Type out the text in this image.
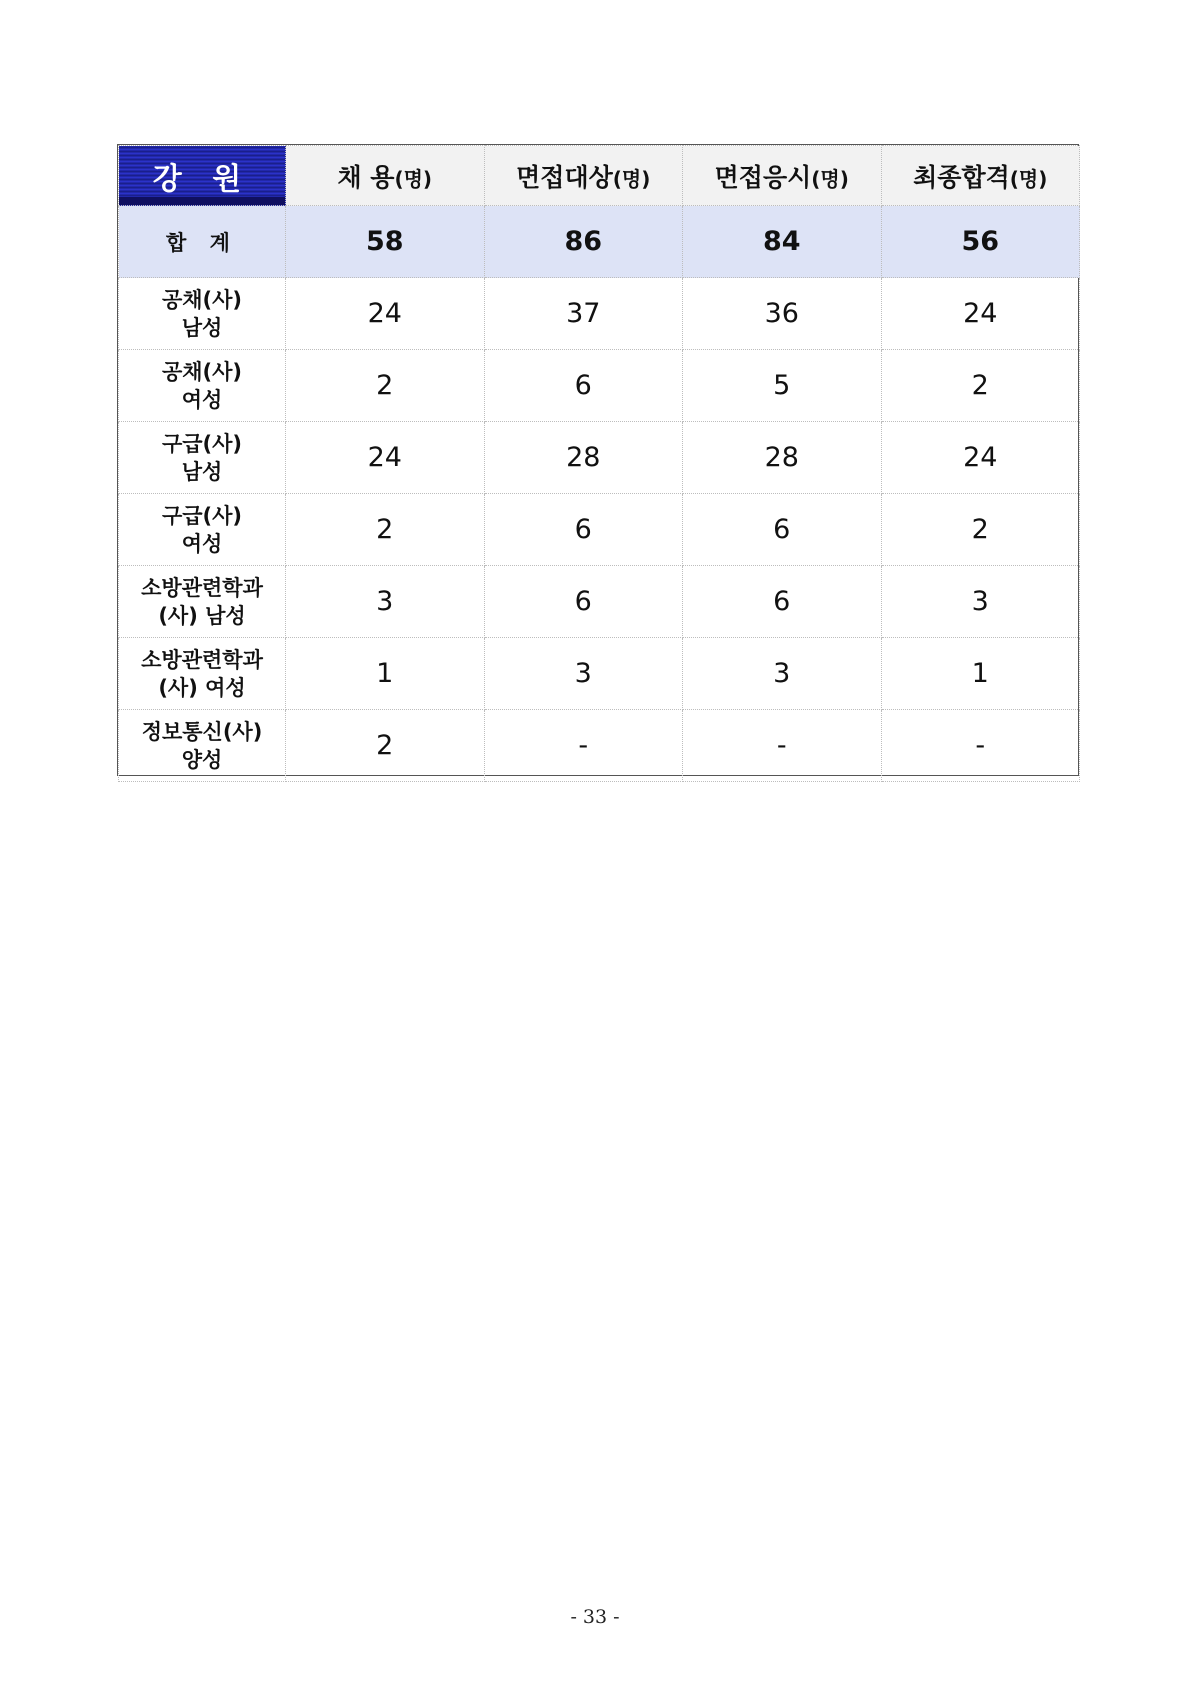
강 원	채 용(명)	면접대상(명)	면접응시(명)	최종합격(명)
합 계	58	86	84	56

공채(사)
남성	24	37	36	24

공채(사)
여성	2	6	5	2

구급(사)
남성	24	28	28	24

구급(사)
여성	2	6	6	2

소방관련학과
(사) 남성	3	6	6	3

소방관련학과
(사) 여성	1	3	3	1

정보통신(사)
양성	2	-	-	-
- 33 -
